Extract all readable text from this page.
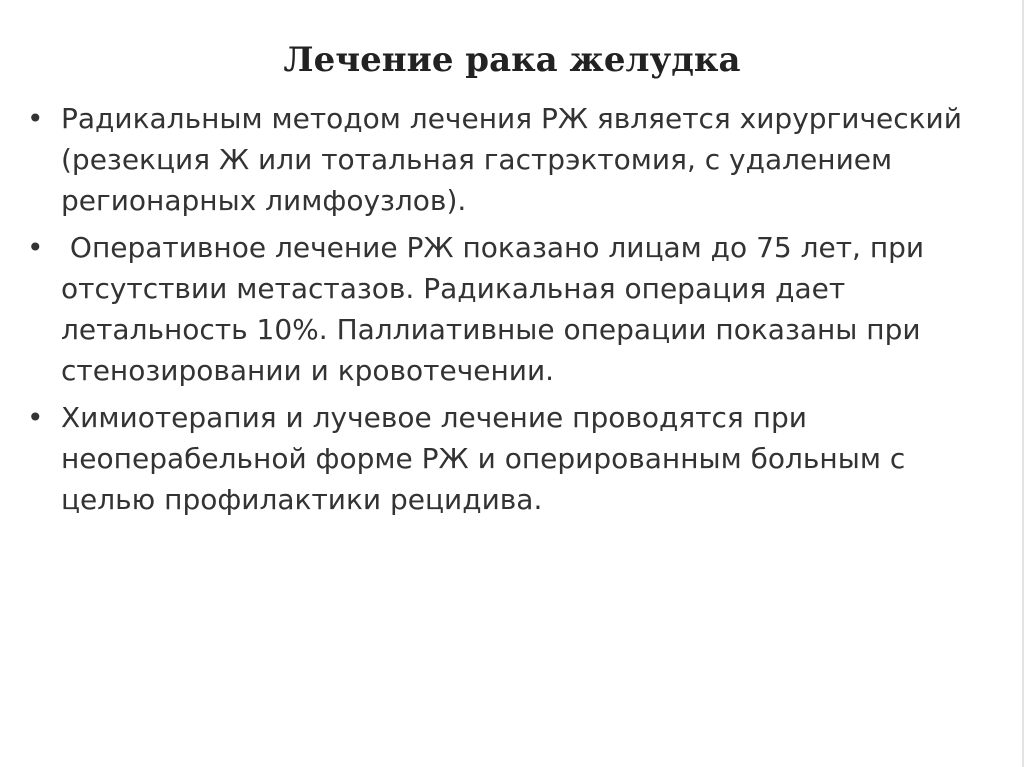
Лечение рака желудка
• Радикальным методом лечения РЖ является хирургический (резекция Ж или тотальная гастрэктомия, с удалением регионарных лимфоузлов).
• Оперативное лечение РЖ показано лицам до 75 лет, при отсутствии метастазов. Радикальная операция дает летальность 10%. Паллиативные операции показаны при стенозировании и кровотечении.
• Химиотерапия и лучевое лечение проводятся при неоперабельной форме РЖ и оперированным больным с целью профилактики рецидива.
